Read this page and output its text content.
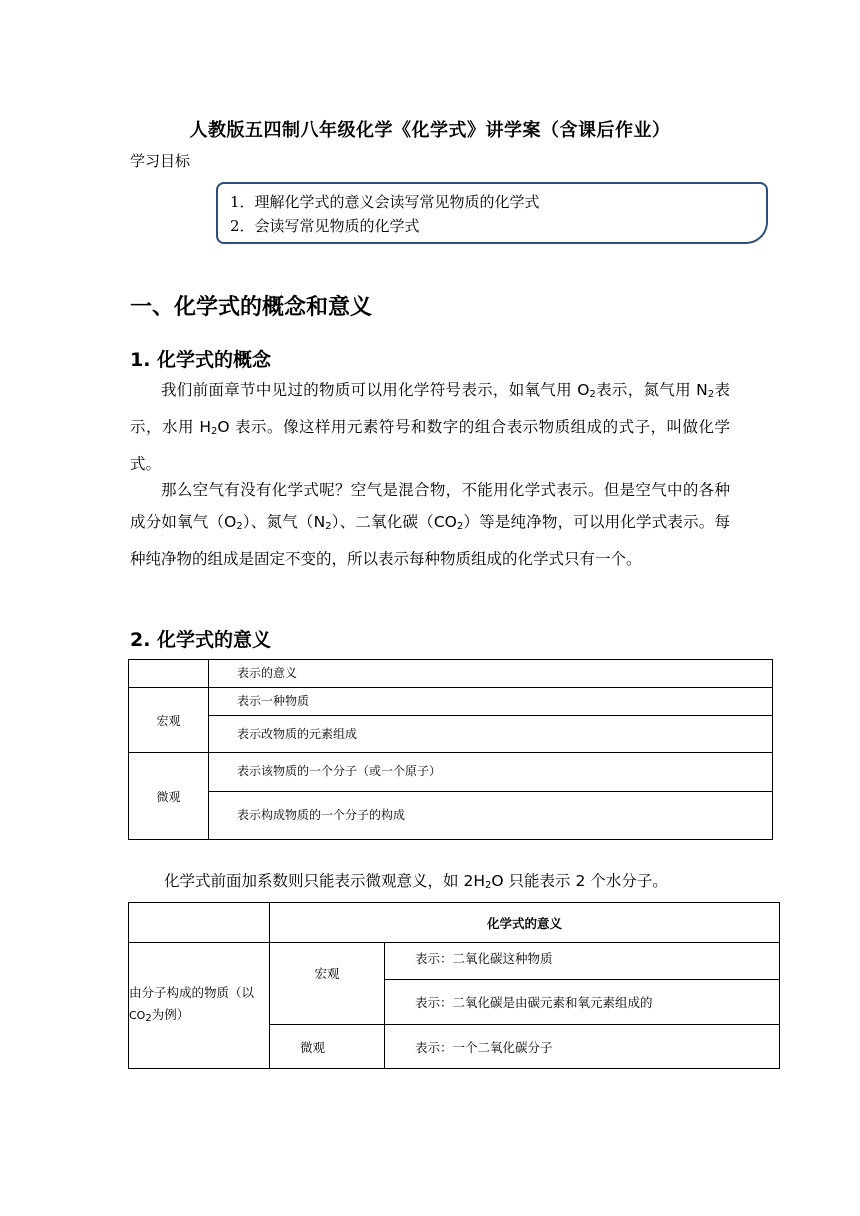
人教版五四制八年级化学《化学式》讲学案（含课后作业）
学习目标
1．理解化学式的意义会读写常见物质的化学式
2．会读写常见物质的化学式
一、化学式的概念和意义
1. 化学式的概念
我们前面章节中见过的物质可以用化学符号表示，如氧气用 $O_2$表示，氮气用 $N_2$表示，水用 $H_2O$ 表示。像这样用元素符号和数字的组合表示物质组成的式子，叫做化学式。
那么空气有没有化学式呢？空气是混合物，不能用化学式表示。但是空气中的各种成分如氧气$(O_2)$、氮气$(N_2)$、二氧化碳$(CO_2)$等是纯净物，可以用化学式表示。每种纯净物的组成是固定不变的，所以表示每种物质组成的化学式只有一个。
2. 化学式的意义
	表示的意义
宏观	表示一种物质
	表示改物质的元素组成
微观	表示该物质的一个分子（或一个原子）
	表示构成物质的一个分子的构成
化学式前面加系数则只能表示微观意义，如 $2H_2O$ 只能表示 2 个水分子。
	化学式的意义	
由分子构成的物质（以$CO_2$为例）	宏观	表示：二氧化碳这种物质
		表示：二氧化碳是由碳元素和氧元素组成的
	微观	表示：一个二氧化碳分子
